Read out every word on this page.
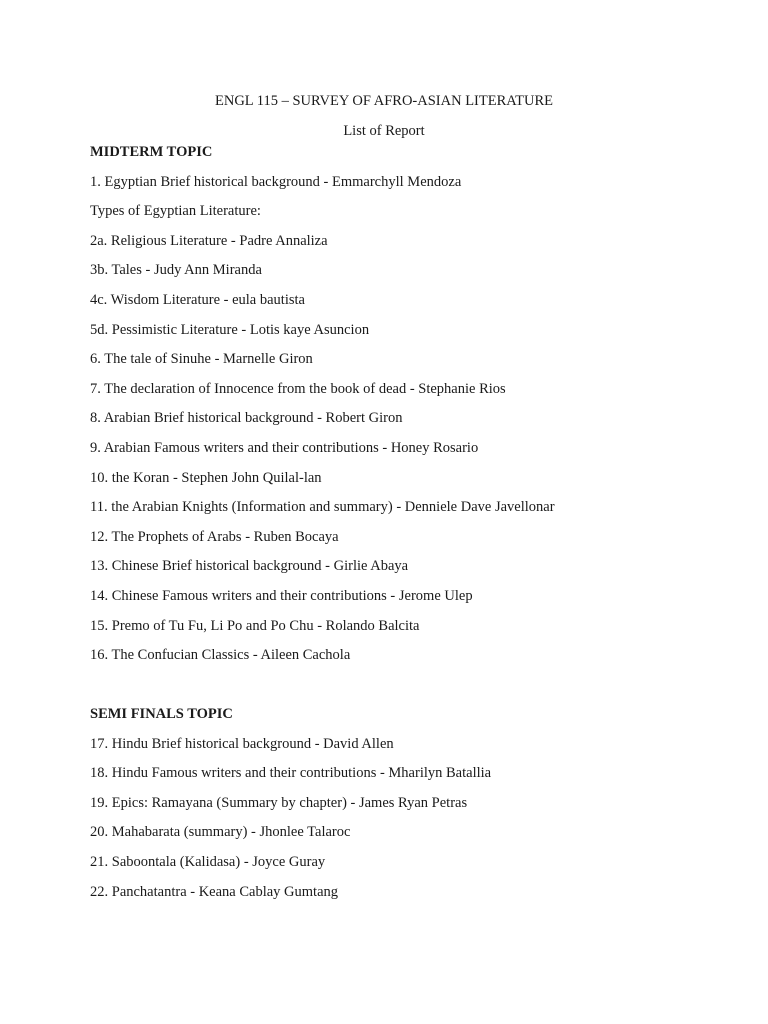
ENGL 115 – SURVEY OF AFRO-ASIAN LITERATURE

List of Report

MIDTERM TOPIC

1. Egyptian Brief historical background - Emmarchyll Mendoza
Types of Egyptian Literature:
2a. Religious Literature - Padre Annaliza
3b. Tales - Judy Ann Miranda
4c. Wisdom Literature - eula bautista
5d. Pessimistic Literature - Lotis kaye Asuncion
6. The tale of Sinuhe - Marnelle Giron
7. The declaration of Innocence from the book of dead - Stephanie Rios
8. Arabian Brief historical background - Robert Giron
9. Arabian Famous writers and their contributions - Honey Rosario
10. the Koran - Stephen John Quilal-lan
11. the Arabian Knights (Information and summary) - Denniele Dave Javellonar
12. The Prophets of Arabs - Ruben Bocaya
13. Chinese Brief historical background - Girlie Abaya
14. Chinese Famous writers and their contributions - Jerome Ulep
15. Premo of Tu Fu, Li Po and Po Chu - Rolando Balcita
16. The Confucian Classics - Aileen Cachola

SEMI FINALS TOPIC

17. Hindu Brief historical background - David Allen
18. Hindu Famous writers and their contributions - Mharilyn Batallia
19. Epics: Ramayana (Summary by chapter) - James Ryan Petras
20. Mahabarata (summary) - Jhonlee Talaroc
21. Saboontala (Kalidasa) - Joyce Guray
22. Panchatantra - Keana Cablay Gumtang
